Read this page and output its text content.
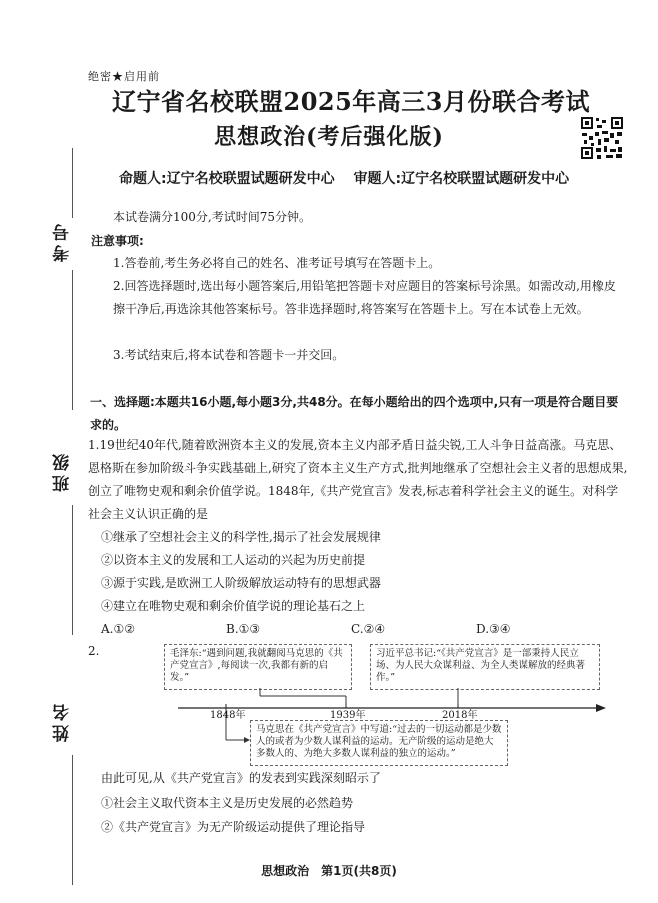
绝密★启用前
辽宁省名校联盟2025年高三3月份联合考试
思想政治(考后强化版)
命题人:辽宁名校联盟试题研发中心　 审题人:辽宁名校联盟试题研发中心
考号
班级
姓名
本试卷满分100分,考试时间75分钟。
注意事项:
1.答卷前,考生务必将自己的姓名、准考证号填写在答题卡上。
2.回答选择题时,选出每小题答案后,用铅笔把答题卡对应题目的答案标号涂黑。如需改动,用橡皮擦干净后,再选涂其他答案标号。答非选择题时,将答案写在答题卡上。写在本试卷上无效。
3.考试结束后,将本试卷和答题卡一并交回。
一、选择题:本题共16小题,每小题3分,共48分。在每小题给出的四个选项中,只有一项是符合题目要求的。
1.19世纪40年代,随着欧洲资本主义的发展,资本主义内部矛盾日益尖锐,工人斗争日益高涨。马克思、恩格斯在参加阶级斗争实践基础上,研究了资本主义生产方式,批判地继承了空想社会主义者的思想成果,创立了唯物史观和剩余价值学说。1848年,《共产党宣言》发表,标志着科学社会主义的诞生。对科学社会主义认识正确的是
①继承了空想社会主义的科学性,揭示了社会发展规律
②以资本主义的发展和工人运动的兴起为历史前提
③源于实践,是欧洲工人阶级解放运动特有的思想武器
④建立在唯物史观和剩余价值学说的理论基石之上
A.①②	B.①③	C.②④	D.③④
2.	毛泽东:“遇到问题,我就翻阅马克思的《共产党宣言》,每阅读一次,我都有新的启发。”
习近平总书记:“《共产党宣言》是一部秉持人民立场、为人民大众谋利益、为全人类谋解放的经典著作。”
马克思在《共产党宣言》中写道:“过去的一切运动都是少数人的或者为少数人谋利益的运动。无产阶级的运动是绝大多数人的、为绝大多数人谋利益的独立的运动。”
1848年	1939年	2018年
由此可见,从《共产党宣言》的发表到实践深刻昭示了
①社会主义取代资本主义是历史发展的必然趋势
②《共产党宣言》为无产阶级运动提供了理论指导
思想政治　第1页(共8页)
